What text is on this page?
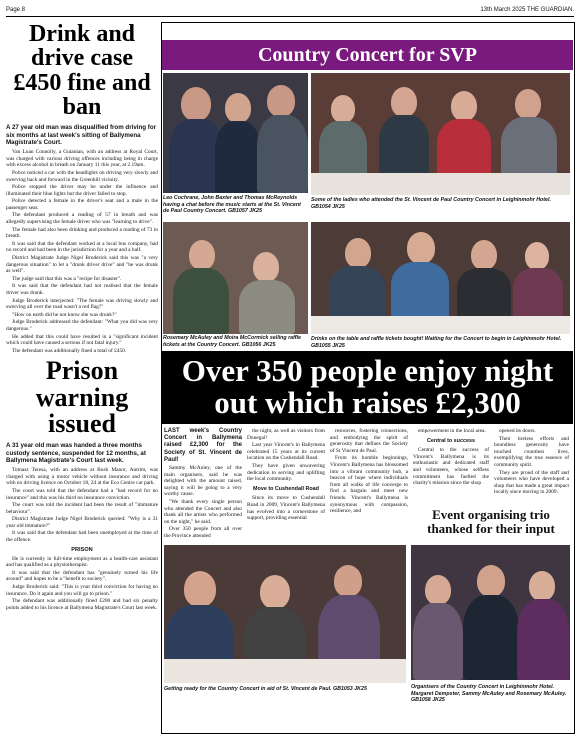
Page 8	13th March 2025 THE GUARDIAN.
Drink and drive case £450 fine and ban

A 27 year old man was disqualified from driving for six months at last week's sitting of Ballymena Magistrate's Court.

Van Loan Connolly, a Guianian, with an address at Royal Court, was charged with various driving offences including being in charge with excess alcohol in breath on January 11 this year, at 2.19am.

Police noticed a car with the headlights on driving very slowly and swerving back and forward in the Greenhill vicinity.

Police stopped the driver may be under the influence and illuminated their blue lights but the driver failed to stop.

Police detected a female in the driver's seat and a male in the passenger seat.

The defendant produced a reading of 57 in breath and was allegedly supervising the female driver who was "learning to drive".

The female had also been drinking and produced a reading of 73 in breath.

It was said that the defendant worked at a local bus company, had no record and had been in the jurisdiction for a year and a half.

District Magistrate Judge Nigel Broderick said this was "a very dangerous situation" to let a "drunk driver drive" and "he was drunk as well".

The judge said that this was a "recipe for disaster".

It was said that the defendant had not realised that the female driver was drunk.

Judge Broderick interjected: "The female was driving slowly and swerving all over the road wasn't a red flag?"

"How on earth did he not know she was drunk?"

Judge Broderick addressed the defendant: "What you did was very dangerous."

He added that this could have resulted in a "significant incident which could have caused a serious if not fatal injury."

The defendant was additionally fined a total of £450.

Prison warning issued

A 31 year old man was handed a three months custody sentence, suspended for 12 months, at Ballymena Magistrate's Court last week.

Tomasz Teresa, with an address at Bush Manor, Antrim, was charged with using a motor vehicle without insurance and driving with no driving licence on October 18, 24 at the Eco Centre car park.

The court was told that the defendant had a "bad record for no insurance" and this was his third no insurance conviction.

The court was told the incident had been the result of "immature behaviour".

District Magistrate Judge Nigel Broderick queried: "Why is a 31 year old immature?"

It was said that the defendant had been unemployed at the time of the offence.

PRISON

He is currently in full-time employment as a health-care assistant and has qualified as a physiotherapist.

It was said that the defendant has "genuinely turned his life around" and hopes to be a "benefit to society".

Judge Broderick said: "This is your third conviction for having no insurance. Do it again and you will go to prison."

The defendant was additionally fined £200 and had six penalty points added to his licence at Ballymena Magistrate's Court last week.

Country Concert for SVP
Leo Cochrane, John Baxter and Thomas McReynolds having a chat before the music starts at the St. Vincent de Paul Country Concert. GB1057 JK25
Some of the ladies who attended the St. Vincent de Paul Country Concert in Leighinmohr Hotel. GB1054 JK25
Rosemary McAuley and Moira McCormick selling raffle tickets at the Country Concert. GB1056 JK25
Drinks on the table and raffle tickets bought! Waiting for the Concert to begin in Leighinmohr Hotel. GB1055 JK25
Over 350 people enjoy night out which raises £2,300

LAST week's Country Concert in Ballymena raised £2,300 for the Society of St. Vincent de Paul!

Sammy McAuley, one of the main organisers, said he was delighted with the amount raised, saying it will be going to a very worthy cause.

"We thank every single person who attended the Concert and also thank all the artists who performed on the night," he said.

Over 350 people from all over the Province attended

the night, as well as visitors from Donegal!

Last year Vincent's in Ballymena celebrated 15 years at its current location on the Cushendall Road.

They have given unwavering dedication to serving and uplifting the local community.

Move to Cushendall Road

Since its move to Cushendall Road in 2009, Vincent's Ballymena has evolved into a cornerstone of support, providing essential

resources, fostering connections, and embodying the spirit of generosity that defines the Society of St Vincent de Paul.

From its humble beginnings, Vincent's Ballymena has blossomed into a vibrant community hub, a beacon of hope where individuals from all walks of life converge to find a bargain and meet new friends. Vincent's Ballymena is synonymous with compassion, resilience, and

empowerment in the local area.

Central to success

Central to the success of Vincent's Ballymena is its enthusiastic and dedicated staff and volunteers, whose selfless commitment has fuelled the charity's mission since the shop

opened its doors.

Their tireless efforts and boundless generosity have touched countless lives, exemplifying the true essence of community spirit.

They are proud of the staff and volunteers who have developed a shop that has made a great impact locally since moving in 2009.

Event organising trio thanked for their input
Getting ready for the Country Concert in aid of St. Vincent de Paul. GB1053 JK25	Organisers of the Country Concert in Leighinmohr Hotel. Margaret Dempster, Sammy McAuley and Rosemary McAuley. GB1058 JK25
